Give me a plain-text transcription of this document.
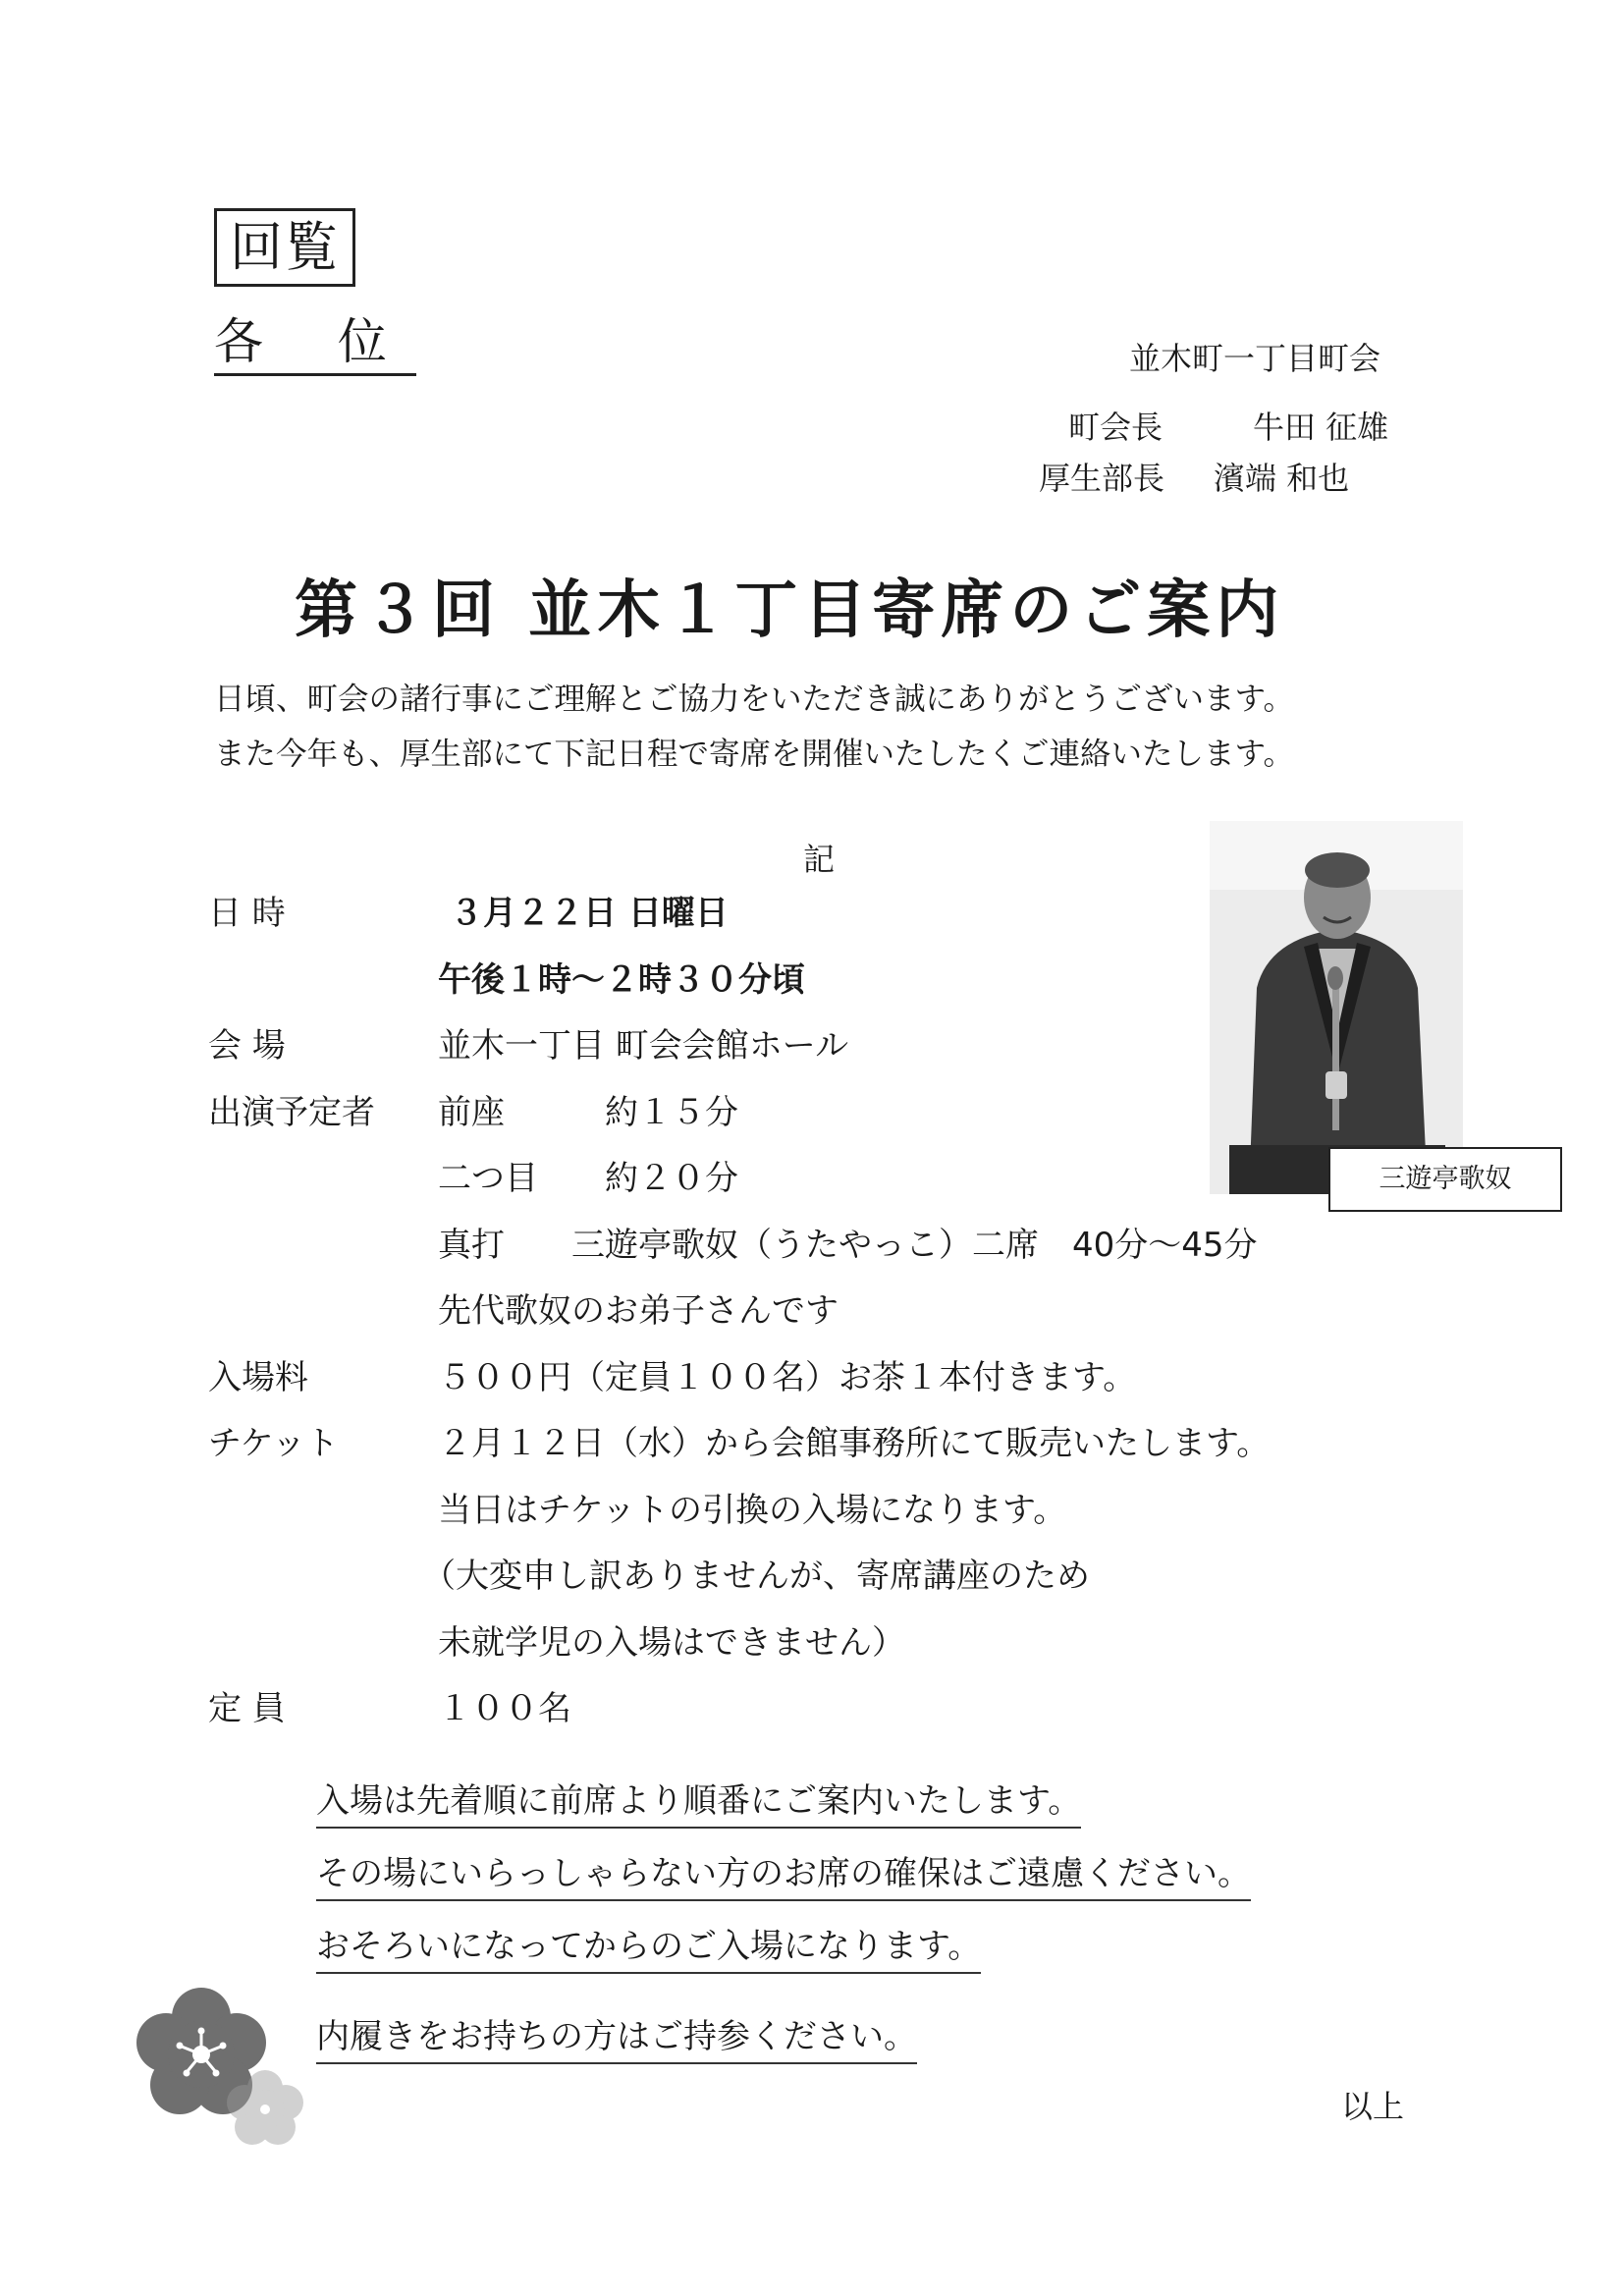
回覧
各 位	並木町一丁目町会
町会長	牛田 征雄
厚生部長 濱端 和也
第３回 並木１丁目寄席のご案内
日頃、町会の諸行事にご理解とご協力をいただき誠にありがとうございます。
また今年も、厚生部にて下記日程で寄席を開催いたしたくご連絡いたします。
記
日 時	３月２２日 日曜日
午後１時～２時３０分頃
会 場	並木一丁目 町会会館ホール
出演予定者 前座　　　約１５分
二つ目　　約２０分
真打　　三遊亭歌奴（うたやっこ）二席　40分～45分
先代歌奴のお弟子さんです
入場料	５００円（定員１００名）お茶１本付きます。
チケット	２月１２日（水）から会館事務所にて販売いたします。
当日はチケットの引換の入場になります。
（大変申し訳ありませんが、寄席講座のため
未就学児の入場はできません）
定 員	１００名
入場は先着順に前席より順番にご案内いたします。
その場にいらっしゃらない方のお席の確保はご遠慮ください。
おそろいになってからのご入場になります。
内履きをお持ちの方はご持参ください。
三遊亭歌奴
以上
